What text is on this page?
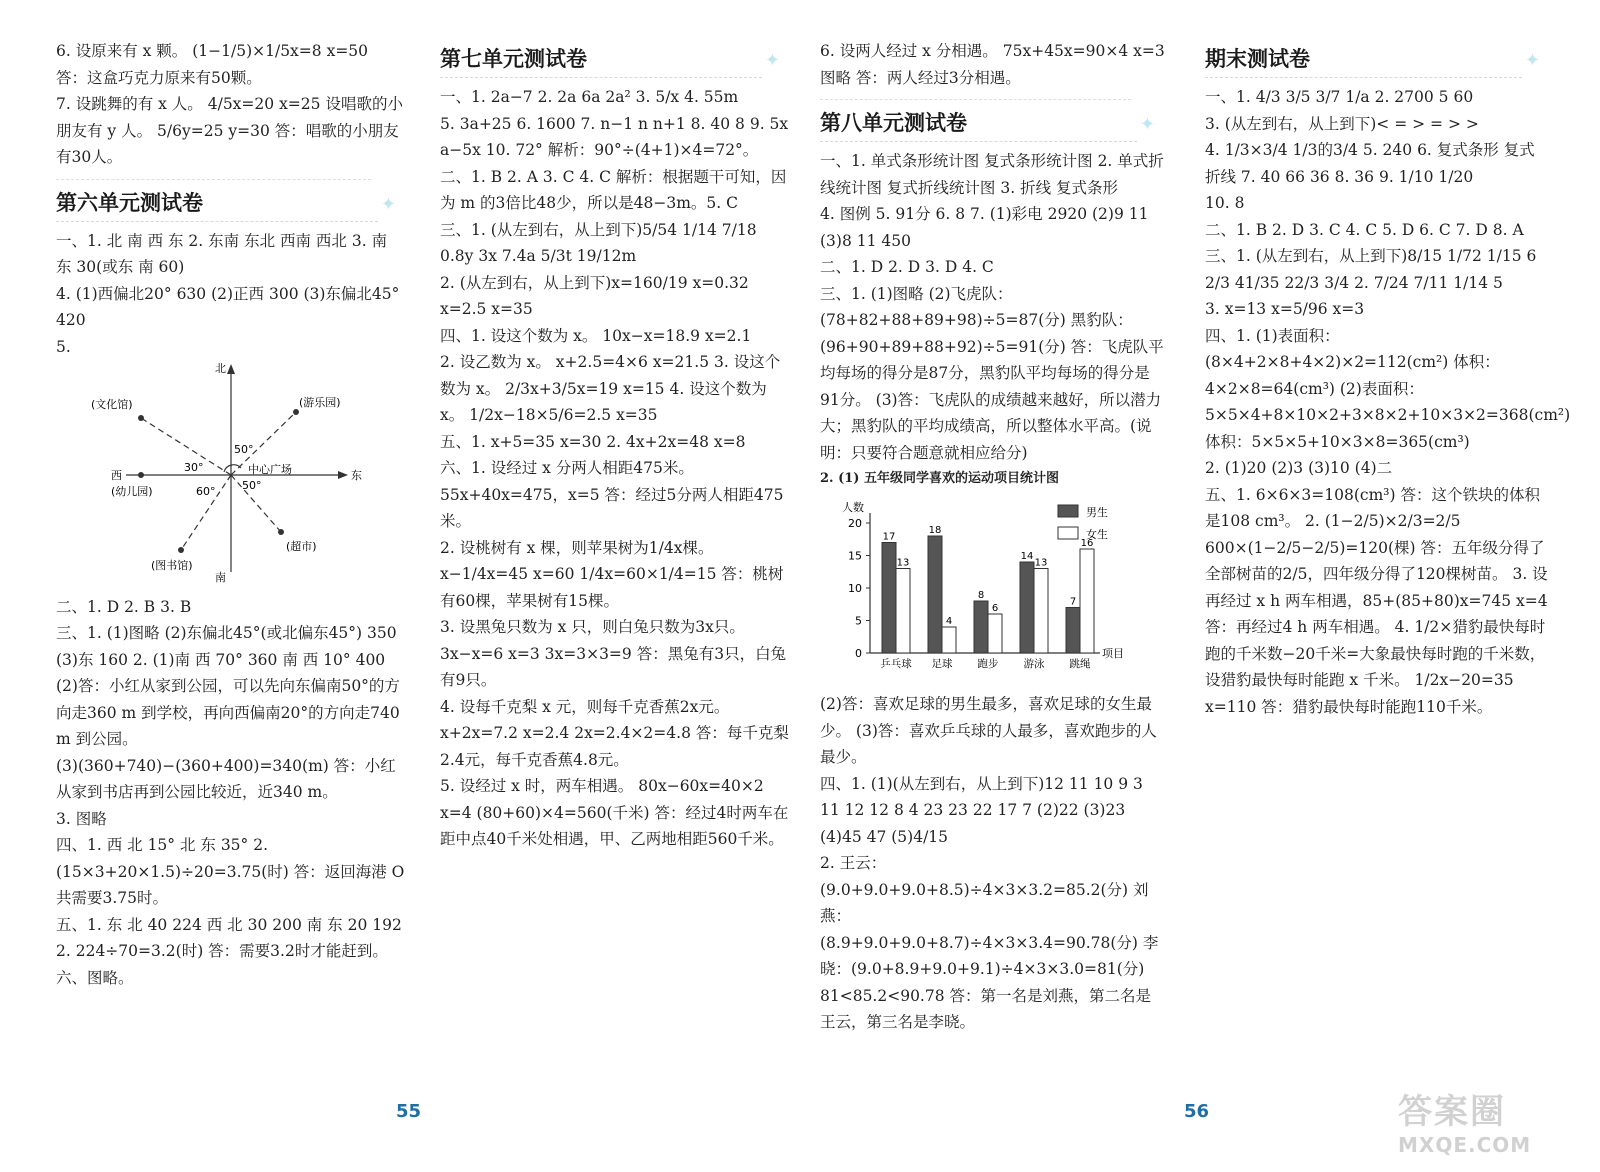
6. 设原来有 x 颗。 (1−1/5)×1/5x=8 x=50

答：这盒巧克力原来有50颗。

7. 设跳舞的有 x 人。 4/5x=20 x=25 设唱歌的小朋友有 y 人。 5/6y=25 y=30 答：唱歌的小朋友有30人。

第六单元测试卷	✦

一、1. 北 南 西 东 2. 东南 东北 西南 西北 3. 南 东 30(或东 南 60)

4. (1)西偏北20° 630 (2)正西 300 (3)东偏北45° 420

5.

北
南
东
西
(文化馆)	(游乐园)
(幼儿园)
(图书馆)
(超市)
中心广场
50°
30°
60° 50°

二、1. D 2. B 3. B

三、1. (1)图略 (2)东偏北45°(或北偏东45°) 350 (3)东 160 2. (1)南 西 70° 360 南 西 10° 400 (2)答：小红从家到公园，可以先向东偏南50°的方向走360 m 到学校，再向西偏南20°的方向走740 m 到公园。

(3)(360+740)−(360+400)=340(m) 答：小红从家到书店再到公园比较近，近340 m。

3. 图略

四、1. 西 北 15° 北 东 35° 2. (15×3+20×1.5)÷20=3.75(时) 答：返回海港 O 共需要3.75时。

五、1. 东 北 40 224 西 北 30 200 南 东 20 192

2. 224÷70=3.2(时) 答：需要3.2时才能赶到。

六、图略。

第七单元测试卷	✦

一、1. 2a−7 2. 2a 6a 2a² 3. 5/x 4. 55m

5. 3a+25 6. 1600 7. n−1 n n+1 8. 40 8 9. 5x a−5x 10. 72° 解析：90°÷(4+1)×4=72°。

二、1. B 2. A 3. C 4. C 解析：根据题干可知，因为 m 的3倍比48少，所以是48−3m。5. C

三、1. (从左到右，从上到下)5/54 1/14 7/18 0.8y 3x 7.4a 5/3t 19/12m

2. (从左到右，从上到下)x=160/19 x=0.32 x=2.5 x=35

四、1. 设这个数为 x。 10x−x=18.9 x=2.1

2. 设乙数为 x。 x+2.5=4×6 x=21.5 3. 设这个数为 x。 2/3x+3/5x=19 x=15 4. 设这个数为 x。 1/2x−18×5/6=2.5 x=35

五、1. x+5=35 x=30 2. 4x+2x=48 x=8

六、1. 设经过 x 分两人相距475米。 55x+40x=475，x=5 答：经过5分两人相距475米。

2. 设桃树有 x 棵，则苹果树为1/4x棵。 x−1/4x=45 x=60 1/4x=60×1/4=15 答：桃树有60棵，苹果树有15棵。

3. 设黑兔只数为 x 只，则白兔只数为3x只。 3x−x=6 x=3 3x=3×3=9 答：黑兔有3只，白兔有9只。

4. 设每千克梨 x 元，则每千克香蕉2x元。 x+2x=7.2 x=2.4 2x=2.4×2=4.8 答：每千克梨2.4元，每千克香蕉4.8元。

5. 设经过 x 时，两车相遇。 80x−60x=40×2 x=4 (80+60)×4=560(千米) 答：经过4时两车在距中点40千米处相遇，甲、乙两地相距560千米。

6. 设两人经过 x 分相遇。 75x+45x=90×4 x=3 图略 答：两人经过3分相遇。

第八单元测试卷	✦

一、1. 单式条形统计图 复式条形统计图 2. 单式折线统计图 复式折线统计图 3. 折线 复式条形

4. 图例 5. 91分 6. 8 7. (1)彩电 2920 (2)9 11 (3)8 11 450

二、1. D 2. D 3. D 4. C

三、1. (1)图略 (2)飞虎队：(78+82+88+89+98)÷5=87(分) 黑豹队：(96+90+89+88+92)÷5=91(分) 答：飞虎队平均每场的得分是87分，黑豹队平均每场的得分是91分。 (3)答：飞虎队的成绩越来越好，所以潜力大；黑豹队的平均成绩高，所以整体水平高。(说明：只要符合题意就相应给分)

2. (1) 五年级同学喜欢的运动项目统计图

人数
项目
0
5
10
15
20
17
13
乒乓球
18
4
足球
8
6
跑步
14
13
游泳
7
16
跳绳
男生
女生

(2)答：喜欢足球的男生最多，喜欢足球的女生最少。 (3)答：喜欢乒乓球的人最多，喜欢跑步的人最少。

四、1. (1)(从左到右，从上到下)12 11 10 9 3 11 12 12 8 4 23 23 22 17 7 (2)22 (3)23 (4)45 47 (5)4/15

2. 王云：(9.0+9.0+9.0+8.5)÷4×3×3.2=85.2(分) 刘燕：(8.9+9.0+9.0+8.7)÷4×3×3.4=90.78(分) 李晓：(9.0+8.9+9.0+9.1)÷4×3×3.0=81(分) 81<85.2<90.78 答：第一名是刘燕，第二名是王云，第三名是李晓。

期末测试卷	✦

一、1. 4/3 3/5 3/7 1/a 2. 2700 5 60

3. (从左到右，从上到下)< = > = > >

4. 1/3×3/4 1/3的3/4 5. 240 6. 复式条形 复式折线 7. 40 66 36 8. 36 9. 1/10 1/20

10. 8

二、1. B 2. D 3. C 4. C 5. D 6. C 7. D 8. A

三、1. (从左到右，从上到下)8/15 1/72 1/15 6 2/3 41/35 22/3 3/4 2. 7/24 7/11 1/14 5

3. x=13 x=5/96 x=3

四、1. (1)表面积：(8×4+2×8+4×2)×2=112(cm²) 体积：4×2×8=64(cm³) (2)表面积：5×5×4+8×10×2+3×8×2+10×3×2=368(cm²) 体积：5×5×5+10×3×8=365(cm³)

2. (1)20 (2)3 (3)10 (4)二

五、1. 6×6×3=108(cm³) 答：这个铁块的体积是108 cm³。 2. (1−2/5)×2/3=2/5 600×(1−2/5−2/5)=120(棵) 答：五年级分得了全部树苗的2/5，四年级分得了120棵树苗。 3. 设再经过 x h 两车相遇，85+(85+80)x=745 x=4 答：再经过4 h 两车相遇。 4. 1/2×猎豹最快每时跑的千米数−20千米=大象最快每时跑的千米数，设猎豹最快每时能跑 x 千米。 1/2x−20=35 x=110 答：猎豹最快每时能跑110千米。

55	56	答案圈
MXQE.COM
